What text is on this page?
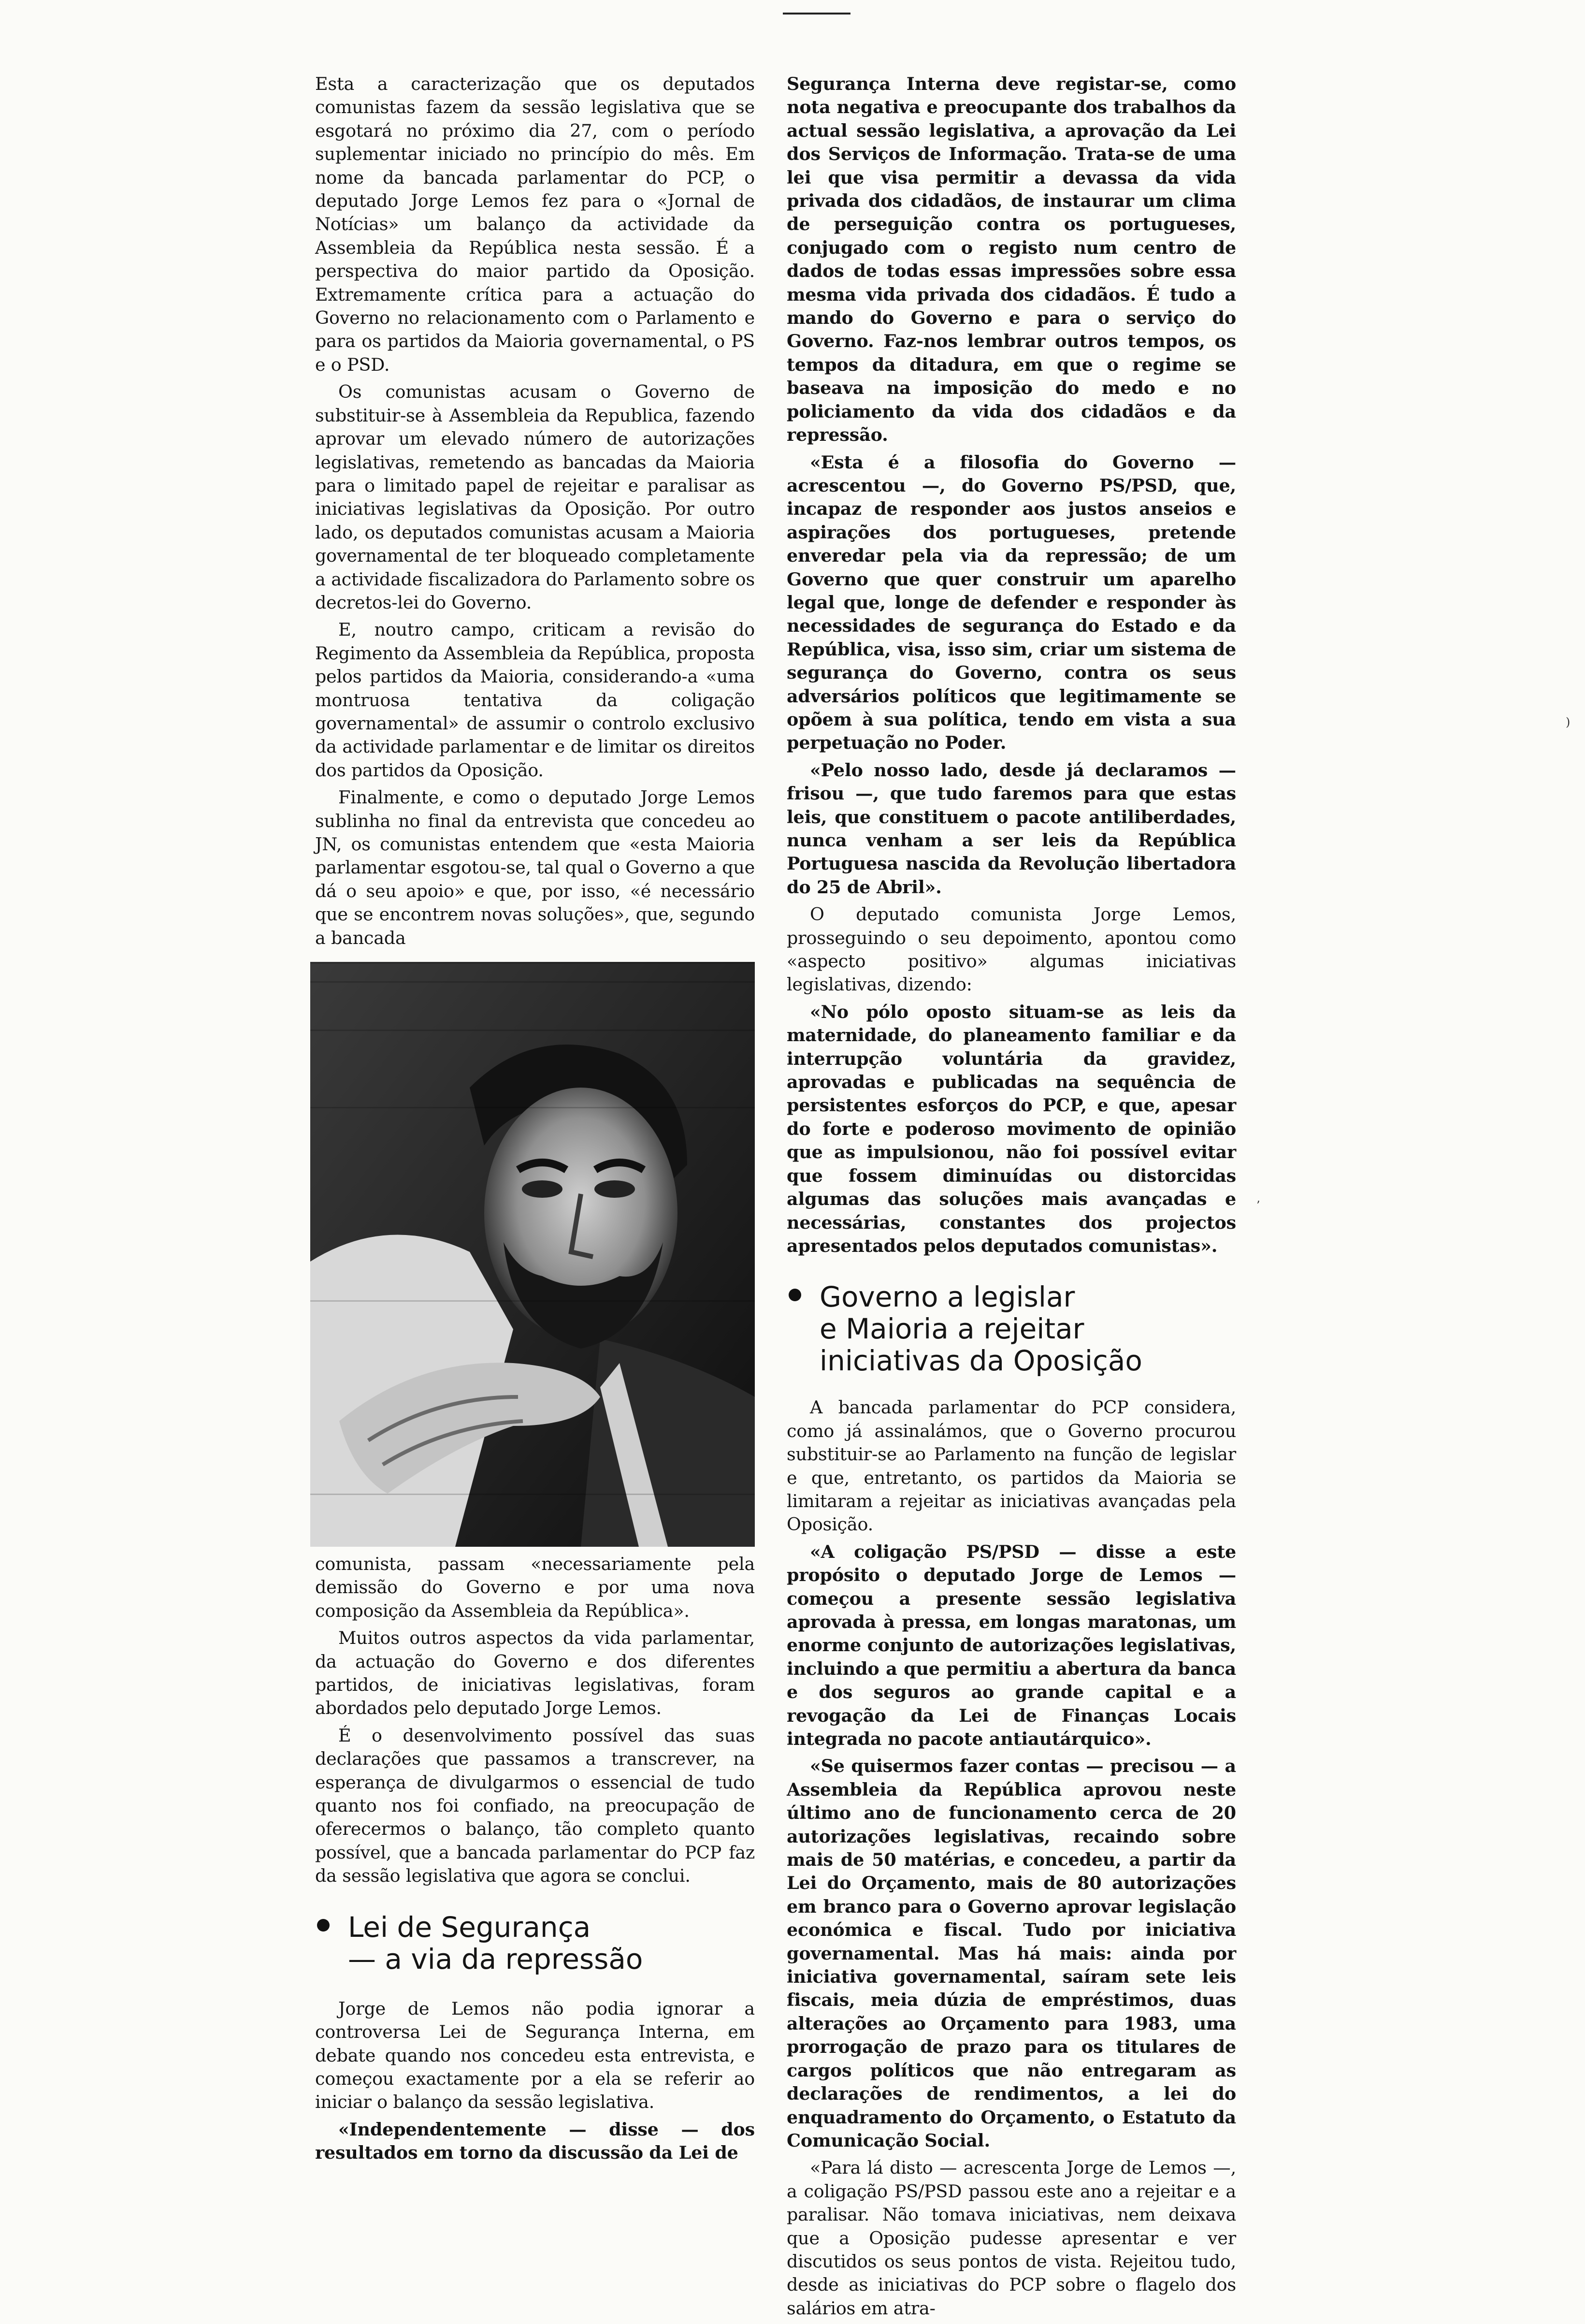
Esta a caracterização que os deputados comunistas fazem da sessão legislativa que se esgotará no próximo dia 27, com o período suplementar iniciado no princípio do mês. Em nome da bancada parlamentar do PCP, o deputado Jorge Lemos fez para o «Jornal de Notícias» um balanço da actividade da Assembleia da República nesta sessão. É a perspectiva do maior partido da Oposição. Extremamente crítica para a actuação do Governo no relacionamento com o Parlamento e para os partidos da Maioria governamental, o PS e o PSD.

Os comunistas acusam o Governo de substituir-se à Assembleia da Republica, fazendo aprovar um elevado número de autorizações legislativas, remetendo as bancadas da Maioria para o limitado papel de rejeitar e paralisar as iniciativas legislativas da Oposição. Por outro lado, os deputados comunistas acusam a Maioria governamental de ter bloqueado completamente a actividade fiscalizadora do Parlamento sobre os decretos-lei do Governo.

E, noutro campo, criticam a revisão do Regimento da Assembleia da República, proposta pelos partidos da Maioria, considerando-a «uma montruosa tentativa da coligação governamental» de assumir o controlo exclusivo da actividade parlamentar e de limitar os direitos dos partidos da Oposição.

Finalmente, e como o deputado Jorge Lemos sublinha no final da entrevista que concedeu ao JN, os comunistas entendem que «esta Maioria parlamentar esgotou-se, tal qual o Governo a que dá o seu apoio» e que, por isso, «é necessário que se encontrem novas soluções», que, segundo a bancada

comunista, passam «necessariamente pela demissão do Governo e por uma nova composição da Assembleia da República».

Muitos outros aspectos da vida parlamentar, da actuação do Governo e dos diferentes partidos, de iniciativas legislativas, foram abordados pelo deputado Jorge Lemos.

É o desenvolvimento possível das suas declarações que passamos a transcrever, na esperança de divulgarmos o essencial de tudo quanto nos foi confiado, na preocupação de oferecermos o balanço, tão completo quanto possível, que a bancada parlamentar do PCP faz da sessão legislativa que agora se conclui.

Lei de Segurança
— a via da repressão

Jorge de Lemos não podia ignorar a controversa Lei de Segurança Interna, em debate quando nos concedeu esta entrevista, e começou exactamente por a ela se referir ao iniciar o balanço da sessão legislativa.

«Independentemente — disse — dos resultados em torno da discussão da Lei de

Segurança Interna deve registar-se, como nota negativa e preocupante dos trabalhos da actual sessão legislativa, a aprovação da Lei dos Serviços de Informação. Trata-se de uma lei que visa permitir a devassa da vida privada dos cidadãos, de instaurar um clima de perseguição contra os portugueses, conjugado com o registo num centro de dados de todas essas impressões sobre essa mesma vida privada dos cidadãos. É tudo a mando do Governo e para o serviço do Governo. Faz-nos lembrar outros tempos, os tempos da ditadura, em que o regime se baseava na imposição do medo e no policiamento da vida dos cidadãos e da repressão.

«Esta é a filosofia do Governo — acrescentou —, do Governo PS/PSD, que, incapaz de responder aos justos anseios e aspirações dos portugueses, pretende enveredar pela via da repressão; de um Governo que quer construir um aparelho legal que, longe de defender e responder às necessidades de segurança do Estado e da República, visa, isso sim, criar um sistema de segurança do Governo, contra os seus adversários políticos que legitimamente se opõem à sua política, tendo em vista a sua perpetuação no Poder.

«Pelo nosso lado, desde já declaramos — frisou —, que tudo faremos para que estas leis, que constituem o pacote antiliberdades, nunca venham a ser leis da República Portuguesa nascida da Revolução libertadora do 25 de Abril».

O deputado comunista Jorge Lemos, prosseguindo o seu depoimento, apontou como «aspecto positivo» algumas iniciativas legislativas, dizendo:

«No pólo oposto situam-se as leis da maternidade, do planeamento familiar e da interrupção voluntária da gravidez, aprovadas e publicadas na sequência de persistentes esforços do PCP, e que, apesar do forte e poderoso movimento de opinião que as impulsionou, não foi possível evitar que fossem diminuídas ou distorcidas algumas das soluções mais avançadas e necessárias, constantes dos projectos apresentados pelos deputados comunistas».

Governo a legislar
e Maioria a rejeitar
iniciativas da Oposição

A bancada parlamentar do PCP considera, como já assinalámos, que o Governo procurou substituir-se ao Parlamento na função de legislar e que, entretanto, os partidos da Maioria se limitaram a rejeitar as iniciativas avançadas pela Oposição.

«A coligação PS/PSD — disse a este propósito o deputado Jorge de Lemos — começou a presente sessão legislativa aprovada à pressa, em longas maratonas, um enorme conjunto de autorizações legislativas, incluindo a que permitiu a abertura da banca e dos seguros ao grande capital e a revogação da Lei de Finanças Locais integrada no pacote antiautárquico».

«Se quisermos fazer contas — precisou — a Assembleia da República aprovou neste último ano de funcionamento cerca de 20 autorizações legislativas, recaindo sobre mais de 50 matérias, e concedeu, a partir da Lei do Orçamento, mais de 80 autorizações em branco para o Governo aprovar legislação económica e fiscal. Tudo por iniciativa governamental. Mas há mais: ainda por iniciativa governamental, saíram sete leis fiscais, meia dúzia de empréstimos, duas alterações ao Orçamento para 1983, uma prorrogação de prazo para os titulares de cargos políticos que não entregaram as declarações de rendimentos, a lei do enquadramento do Orçamento, o Estatuto da Comunicação Social.

«Para lá disto — acrescenta Jorge de Lemos —, a coligação PS/PSD passou este ano a rejeitar e a paralisar. Não tomava iniciativas, nem deixava que a Oposição pudesse apresentar e ver discutidos os seus pontos de vista. Rejeitou tudo, desde as iniciativas do PCP sobre o flagelo dos salários em atra-

)
’
